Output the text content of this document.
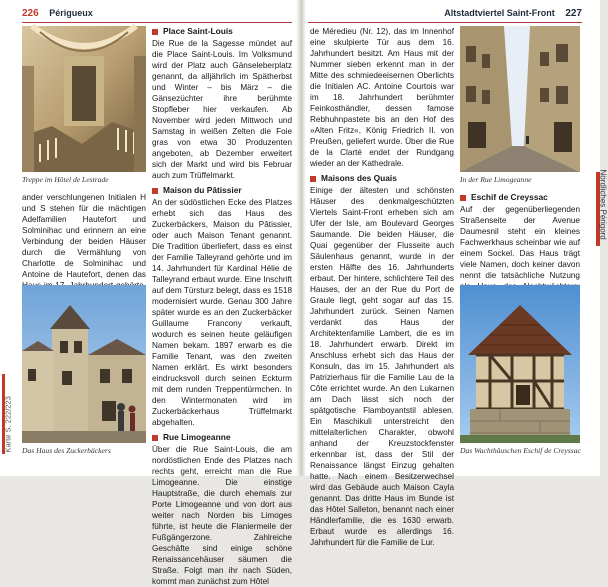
226 Périgueux
Treppe im Hôtel de Lestrade

ander verschlungenen Initialen H und S stehen für die mächtigen Adelfamilien Hautefort und Solminihac und erinnern an eine Verbindung der beiden Häuser durch die Vermählung von Charlotte de Solminihac und Antoine de Hautefort, denen das

Das Haus des Zuckerbäckers
Place Saint-Louis

Die Rue de la Sagesse mündet auf die Place Saint-Louis. Im Volksmund wird der Platz auch Gänseleberplatz genannt, da alljährlich im Spätherbst und Winter – bis März – die Gänsezüchter ihre berühmte Stopfleber hier verkaufen. Ab November wird jeden Mittwoch und Samstag in weißen Zelten die Foie gras von etwa 30 Produzenten angeboten, ab Dezember erweitert sich der Markt und wird bis Februar auch zum Trüffelmarkt.

Maison du Pâtissier

An der südöstlichen Ecke des Platzes erhebt sich das Haus des Zuckerbäckers, Maison du Pâtissier, oder auch Maison Tenant genannt. Die Tradition überliefert, dass es einst der Familie Talleyrand gehörte und im 14. Jahrhundert für Kardinal Hélie de Talleyrand erbaut wurde. Eine Inschrift auf dem Türsturz belegt, dass es 1518 modernisiert wurde. Genau 300 Jahre später wurde es an den Zuckerbäcker Guillaume Francony verkauft, wodurch es seinen heute geläufigen Namen bekam. 1897 erwarb es die Familie Tenant, was den zweiten Namen erklärt. Es wirkt besonders eindrucksvoll durch seinen Eckturm mit dem runden Treppentürmchen. In den Wintermonaten wird im Zuckerbäckerhaus Trüffelmarkt abgehalten.

Rue Limogeanne

Über die Rue Saint-Louis, die am nordöstlichen Ende des Platzes nach rechts geht, erreicht man die Rue Limogeanne. Die einstige Hauptstraße, die durch ehemals zur Porte Limogeanne und von dort aus weiter nach Norden bis Limoges führte, ist heute die Flaniermeile der Fußgängerzone. Zahlreiche Geschäfte sind einige schöne Renaissancehäuser säumen die Straße. Folgt man ihr nach Süden, kommt man zunächst zum Hôtel

Karte S. 222/223
Altstadtviertel Saint-Front 227

de Méredieu (Nr. 12), das im Innenhof eine skulpierte Tür aus dem 16. Jahrhundert besitzt. Am Haus mit der Nummer sieben erkennt man in der Mitte des schmiedeeisernen Oberlichts die Initialen AC. Antoine Courtois war im 18. Jahrhundert berühmter Feinkosthändler, dessen famose Rebhuhnpastete bis an den Hof des »Alten Fritz«, König Friedrich II. von Preußen, geliefert wurde. Über die Rue de la Clarté endet der Rundgang wieder an der Kathedrale.

Maisons des Quais

Einige der ältesten und schönsten Häuser des denkmalgeschützten Viertels Saint-Front erheben sich am Ufer der Isle, am Boulevard Georges Saumande. Die beiden Häuser, die Quai gegenüber der Flusseite auch Säulenhaus genannt, wurde in der ersten Hälfte des 16. Jahrhunderts erbaut. Der hintere, schlichtere Teil des Hauses, der an der Rue du Port de Graule liegt, geht sogar auf das 15. Jahrhundert zurück. Seinen Namen verdankt das Haus der Architektenfamilie Lambert, die es im 18. Jahrhundert erwarb. Direkt im Anschluss erhebt sich das Haus der Konsuln, das im 15. Jahrhundert als Patrizierhaus für die Familie Lau de la Côte errichtet wurde. An den Lukarnen am Dach lässt sich noch der spätgotische Flamboyantstil ablesen. Ein Maschikuli unterstreicht den mittelalterlichen Charakter, obwohl anhand der Kreuzstockfenster erkennbar ist, dass der Stil der Renaissance längst Einzug gehalten hatte. Nach einem Besitzerwechsel wird das Gebäude auch Maison Cayla genannt. Das dritte Haus im Bunde ist das Hôtel Salleton, benannt nach einer Händlerfamilie, die es 1630 erwarb. Erbaut wurde es allerdings 16. Jahrhundert für die Familie de Lur.

In der Rue Limogeanne
Eschif de Creyssac

Auf der gegenüberliegenden Straßenseite der Avenue Daumesnil steht ein kleines Fachwerkhaus scheinbar wie auf einem Sockel. Das Haus trägt viele Namen, doch keiner davon nennt die tatsächliche Nutzung

Das Wachthäuschen Eschif de Creyssac
Nördliches Périgord
